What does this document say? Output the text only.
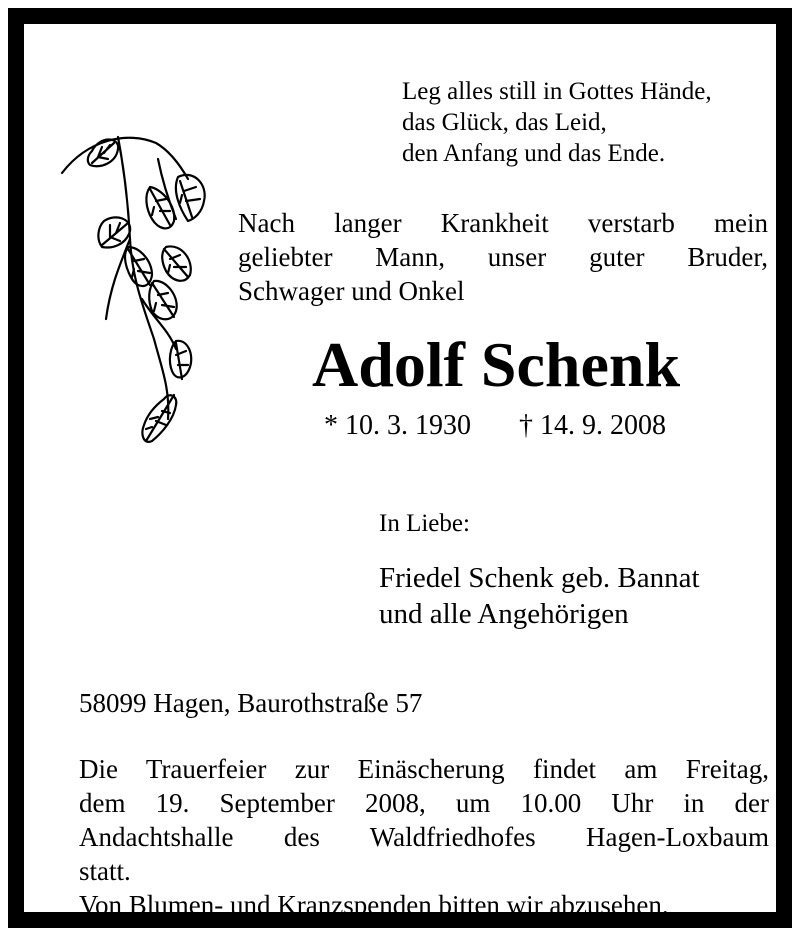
Leg alles still in Gottes Hände,
das Glück, das Leid,
den Anfang und das Ende.
Nach langer Krankheit verstarb mein
geliebter Mann, unser guter Bruder,
Schwager und Onkel
Adolf Schenk
* 10. 3. 1930 † 14. 9. 2008
In Liebe:
Friedel Schenk geb. Bannat
und alle Angehörigen
58099 Hagen, Baurothstraße 57
Die Trauerfeier zur Einäscherung findet am Freitag,
dem 19. September 2008, um 10.00 Uhr in der
Andachtshalle des Waldfriedhofes Hagen-Loxbaum
statt.
Von Blumen- und Kranzspenden bitten wir abzusehen.
